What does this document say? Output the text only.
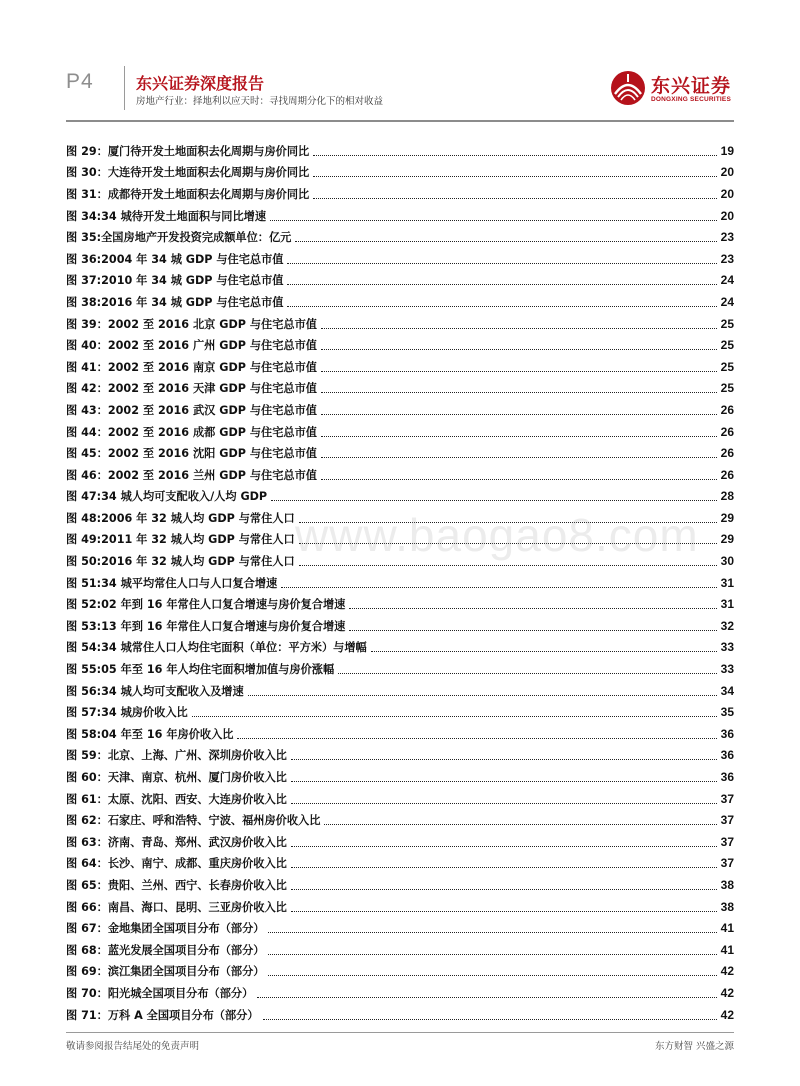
P4	东兴证券深度报告
房地产行业：择地利以应天时：寻找周期分化下的相对收益
东兴证券
DONGXING SECURITIES
图 29：厦门待开发土地面积去化周期与房价同比	19
图 30：大连待开发土地面积去化周期与房价同比	20
图 31：成都待开发土地面积去化周期与房价同比	20
图 34:34 城待开发土地面积与同比增速	20
图 35:全国房地产开发投资完成额单位：亿元	23
图 36:2004 年 34 城 GDP 与住宅总市值	23
图 37:2010 年 34 城 GDP 与住宅总市值	24
图 38:2016 年 34 城 GDP 与住宅总市值	24
图 39：2002 至 2016 北京 GDP 与住宅总市值	25
图 40：2002 至 2016 广州 GDP 与住宅总市值	25
图 41：2002 至 2016 南京 GDP 与住宅总市值	25
图 42：2002 至 2016 天津 GDP 与住宅总市值	25
图 43：2002 至 2016 武汉 GDP 与住宅总市值	26
图 44：2002 至 2016 成都 GDP 与住宅总市值	26
图 45：2002 至 2016 沈阳 GDP 与住宅总市值	26
图 46：2002 至 2016 兰州 GDP 与住宅总市值	26
图 47:34 城人均可支配收入/人均 GDP	28
图 48:2006 年 32 城人均 GDP 与常住人口	29
图 49:2011 年 32 城人均 GDP 与常住人口	29
图 50:2016 年 32 城人均 GDP 与常住人口	30
图 51:34 城平均常住人口与人口复合增速	31
图 52:02 年到 16 年常住人口复合增速与房价复合增速	31
图 53:13 年到 16 年常住人口复合增速与房价复合增速	32
图 54:34 城常住人口人均住宅面积（单位：平方米）与增幅	33
图 55:05 年至 16 年人均住宅面积增加值与房价涨幅	33
图 56:34 城人均可支配收入及增速	34
图 57:34 城房价收入比	35
图 58:04 年至 16 年房价收入比	36
图 59：北京、上海、广州、深圳房价收入比	36
图 60：天津、南京、杭州、厦门房价收入比	36
图 61：太原、沈阳、西安、大连房价收入比	37
图 62：石家庄、呼和浩特、宁波、福州房价收入比	37
图 63：济南、青岛、郑州、武汉房价收入比	37
图 64：长沙、南宁、成都、重庆房价收入比	37
图 65：贵阳、兰州、西宁、长春房价收入比	38
图 66：南昌、海口、昆明、三亚房价收入比	38
图 67：金地集团全国项目分布（部分）	41
图 68：蓝光发展全国项目分布（部分）	41
图 69：滨江集团全国项目分布（部分）	42
图 70：阳光城全国项目分布（部分）	42
图 71：万科 A 全国项目分布（部分）	42
www.baogao8.com
敬请参阅报告结尾处的免责声明	东方财智 兴盛之源
